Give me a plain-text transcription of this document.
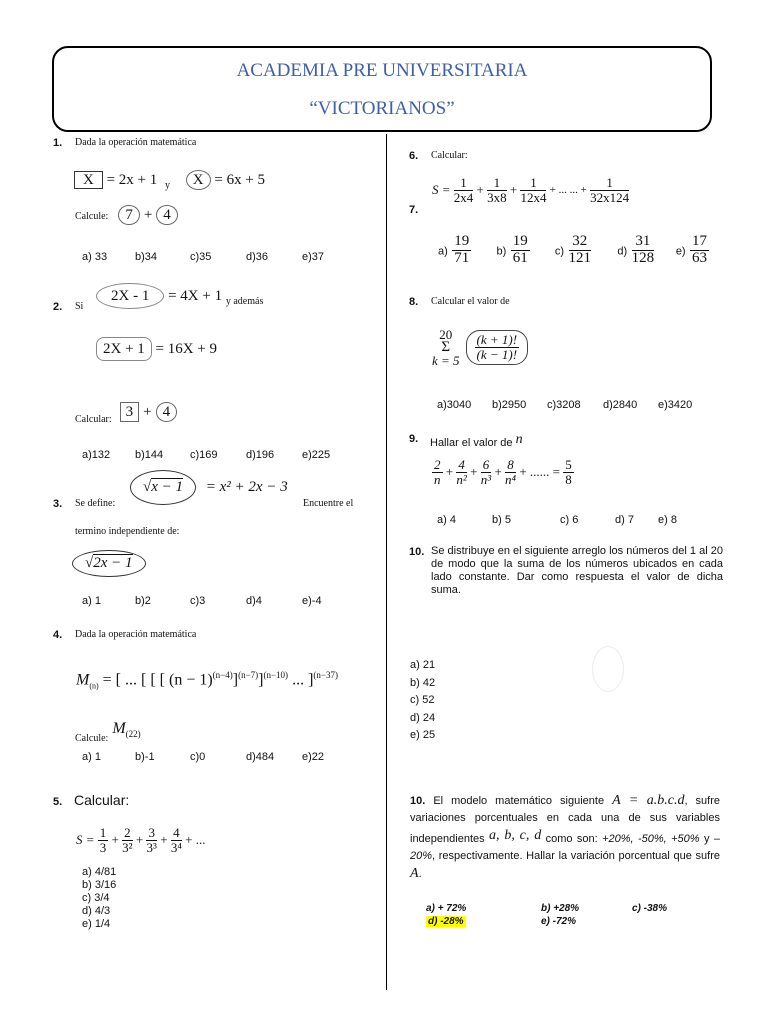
ACADEMIA PRE UNIVERSITARIA
“VICTORIANOS”
1. Dada la operación matemática
X = 2x + 1 $_y$ X = 6x + 5
Calcule: 7 + 4
a) 33	b)34	c)35	d)36	e)37
2. Si
2X - 1 = 4X + 1 $_{y además}$
2X + 1 = 16X + 9
$_{Calcular:}$ 3 + 4
a)132 b)144 c)169	d)196	e)225
3. Se define:
√x − 1 = x² + 2x − 3
Encuentre el
termino independiente de:
√2x − 1
a) 1	b)2	c)3	d)4	e)-4
4. Dada la operación matemática
$M_{(n)}$ = [ ... [ [ [ $(n - 1)^{(n-4)}]^{(n-7)}]^{(n-10)}$ ... ]$^{(n-37)}$
$_{Calcule:}$ $M_{(22)}$
a) 1	b)-1	c)0	d)484	e)22
5. Calcular:
$S = \frac{1}{3} + \frac{2}{\text{3²}} + \frac{3}{\text{3³}} + \frac{4}{\text{3⁴}}$ + ...
a) 4/81
b) 3/16
c) 3/4
d) 4/3
e) 1/4
6. Calcular:
$S = \frac{1}{2x4} + \frac{1}{3x8} + \frac{1}{12x4}$ + ... ... + $\frac{1}{32x124}$
7.
$a) \frac{19}{71} b) \frac{19}{61} c) \frac{32}{121} d) \frac{31}{128} e) \frac{17}{63}$
8. Calcular el valor de
20
Σ
k = 5
$\frac{(k + 1)!}{(k - 1)!}$
a)3040 b)2950 c)3208 d)2840 e)3420
9. Hallar el valor de n
$\frac{2}{n} + \frac{4}{\text{n²}} + \frac{6}{\text{n³}} + \frac{8}{\text{n⁴}}$ + ...... = $\frac{5}{8}$
a) 4	b) 5	c) 6	d) 7 e) 8
10. Se distribuye en el siguiente arreglo los números del 1 al 20 de modo que la suma de los números ubicados en cada lado constante. Dar como respuesta el valor de dicha suma.
a) 21
b) 42
c) 52
d) 24
e) 25
10. El modelo matemático siguiente A = a.b.c.d, sufre variaciones porcentuales en cada una de sus variables independientes a, b, c, d como son: +20%, -50%, +50% y – 20%, respectivamente. Hallar la variación porcentual que sufre A.
a) + 72%	b) +28%	c) -38%
d) -28%	e) -72%
